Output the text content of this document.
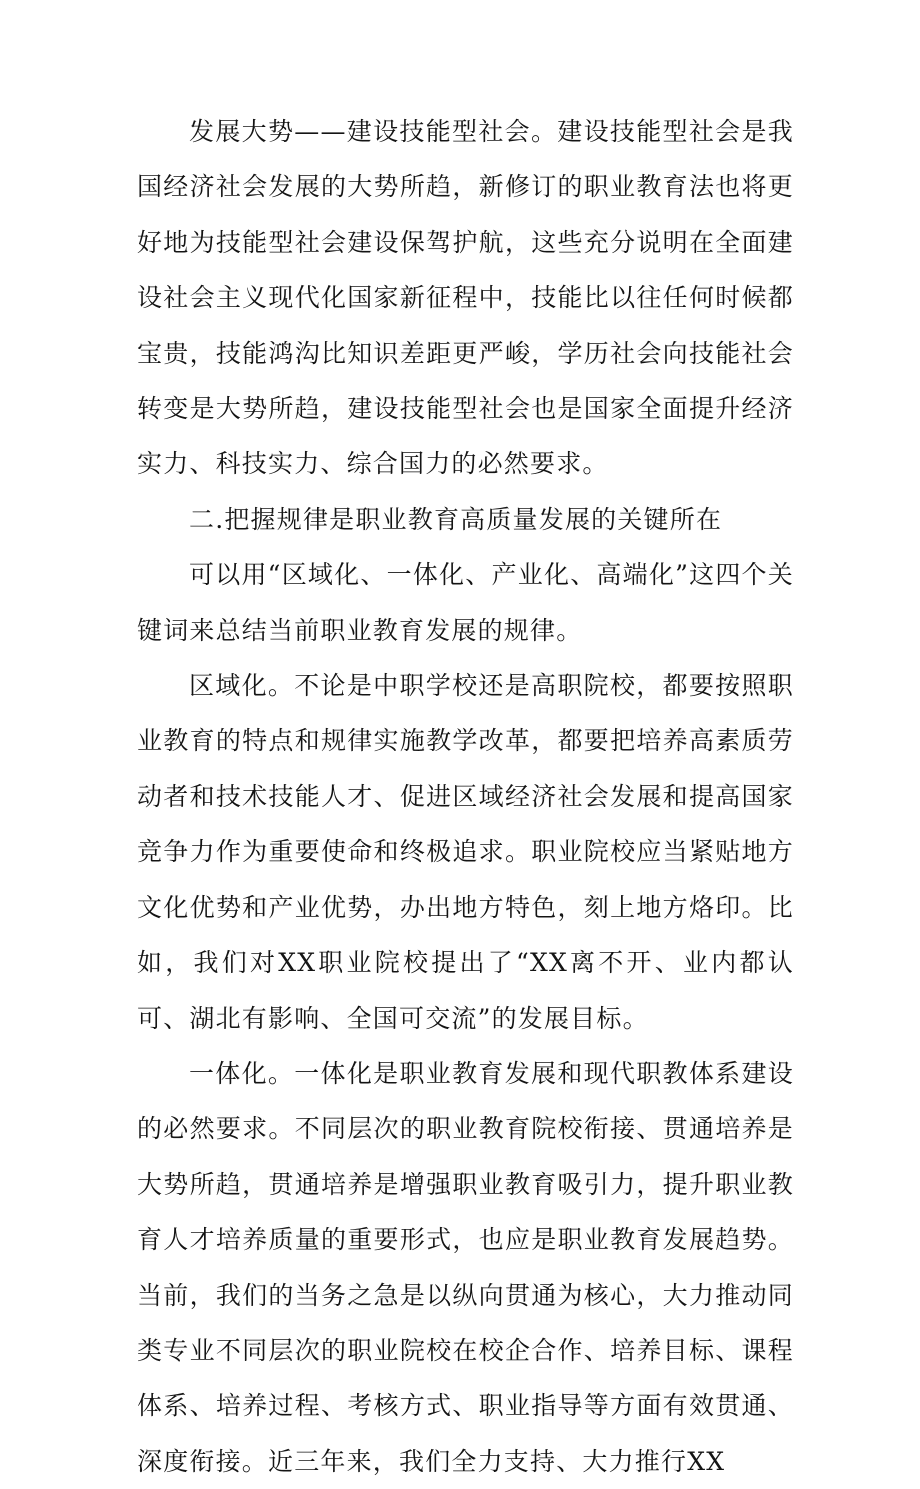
发展大势——建设技能型社会。建设技能型社会是我国经济社会发展的大势所趋，新修订的职业教育法也将更好地为技能型社会建设保驾护航，这些充分说明在全面建设社会主义现代化国家新征程中，技能比以往任何时候都宝贵，技能鸿沟比知识差距更严峻，学历社会向技能社会转变是大势所趋，建设技能型社会也是国家全面提升经济实力、科技实力、综合国力的必然要求。

二.把握规律是职业教育高质量发展的关键所在

可以用“区域化、一体化、产业化、高端化”这四个关键词来总结当前职业教育发展的规律。

区域化。不论是中职学校还是高职院校，都要按照职业教育的特点和规律实施教学改革，都要把培养高素质劳动者和技术技能人才、促进区域经济社会发展和提高国家竞争力作为重要使命和终极追求。职业院校应当紧贴地方文化优势和产业优势，办出地方特色，刻上地方烙印。比如，我们对XX职业院校提出了“XX离不开、业内都认可、湖北有影响、全国可交流”的发展目标。

一体化。一体化是职业教育发展和现代职教体系建设的必然要求。不同层次的职业教育院校衔接、贯通培养是大势所趋，贯通培养是增强职业教育吸引力，提升职业教育人才培养质量的重要形式，也应是职业教育发展趋势。当前，我们的当务之急是以纵向贯通为核心，大力推动同类专业不同层次的职业院校在校企合作、培养目标、课程体系、培养过程、考核方式、职业指导等方面有效贯通、深度衔接。近三年来，我们全力支持、大力推行XX
